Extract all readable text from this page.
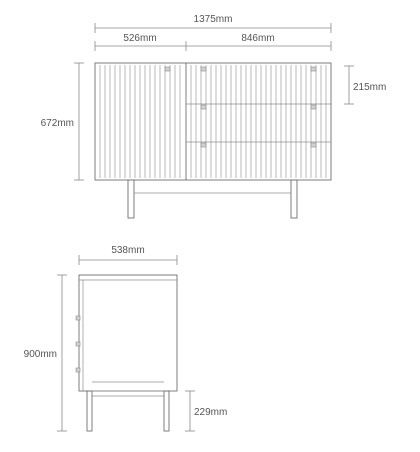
1375mm
526mm	846mm
672mm
215mm
538mm
900mm
229mm
